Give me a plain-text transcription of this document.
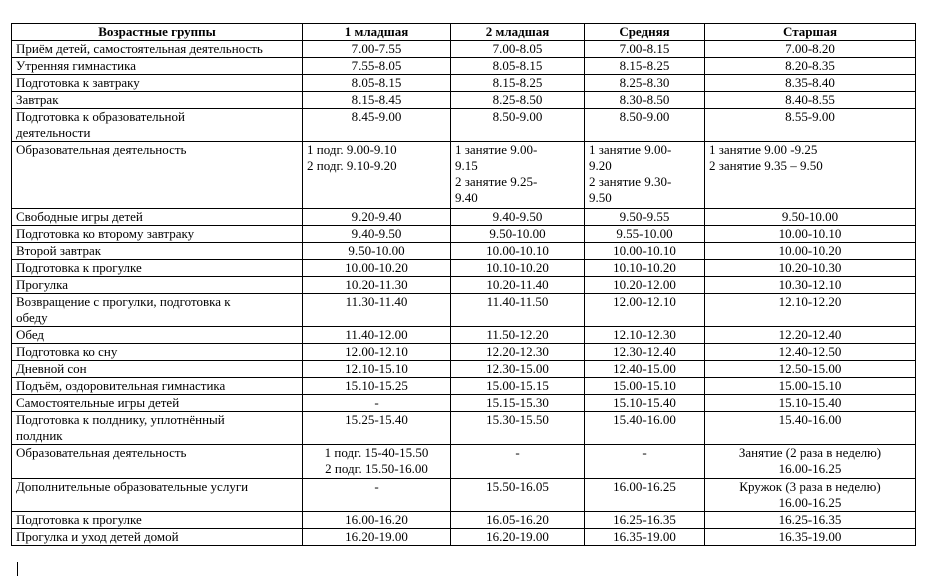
Возрастные группы	1 младшая	2 младшая	Средняя	Старшая

Приём детей, самостоятельная деятельность	7.00-7.55	7.00-8.05	7.00-8.15	7.00-8.20

Утренняя гимнастика	7.55-8.05	8.05-8.15	8.15-8.25	8.20-8.35

Подготовка к завтраку	8.05-8.15	8.15-8.25	8.25-8.30	8.35-8.40

Завтрак	8.15-8.45	8.25-8.50	8.30-8.50	8.40-8.55

Подготовка к образовательной
деятельности	8.45-9.00	8.50-9.00	8.50-9.00	8.55-9.00

Образовательная деятельность	1 подг. 9.00-9.10
2 подг. 9.10-9.20	1 занятие 9.00-
9.15
2 занятие 9.25-
9.40	1 занятие 9.00-
9.20
2 занятие 9.30-
9.50	1 занятие 9.00 -9.25
2 занятие 9.35 – 9.50

Свободные игры детей	9.20-9.40	9.40-9.50	9.50-9.55	9.50-10.00

Подготовка ко второму завтраку	9.40-9.50	9.50-10.00	9.55-10.00	10.00-10.10

Второй завтрак	9.50-10.00	10.00-10.10	10.00-10.10	10.00-10.20

Подготовка к прогулке	10.00-10.20	10.10-10.20	10.10-10.20	10.20-10.30

Прогулка	10.20-11.30	10.20-11.40	10.20-12.00	10.30-12.10

Возвращение с прогулки, подготовка к
обеду	11.30-11.40	11.40-11.50	12.00-12.10	12.10-12.20

Обед	11.40-12.00	11.50-12.20	12.10-12.30	12.20-12.40

Подготовка ко сну	12.00-12.10	12.20-12.30	12.30-12.40	12.40-12.50

Дневной сон	12.10-15.10	12.30-15.00	12.40-15.00	12.50-15.00

Подъём, оздоровительная гимнастика	15.10-15.25	15.00-15.15	15.00-15.10	15.00-15.10

Самостоятельные игры детей	-	15.15-15.30	15.10-15.40	15.10-15.40

Подготовка к полднику, уплотнённый
полдник	15.25-15.40	15.30-15.50	15.40-16.00	15.40-16.00

Образовательная деятельность	1 подг. 15-40-15.50
2 подг. 15.50-16.00	-	-	Занятие (2 раза в неделю)
16.00-16.25

Дополнительные образовательные услуги	-	15.50-16.05	16.00-16.25	Кружок (3 раза в неделю)
16.00-16.25

Подготовка к прогулке	16.00-16.20	16.05-16.20	16.25-16.35	16.25-16.35

Прогулка и уход детей домой	16.20-19.00	16.20-19.00	16.35-19.00	16.35-19.00
